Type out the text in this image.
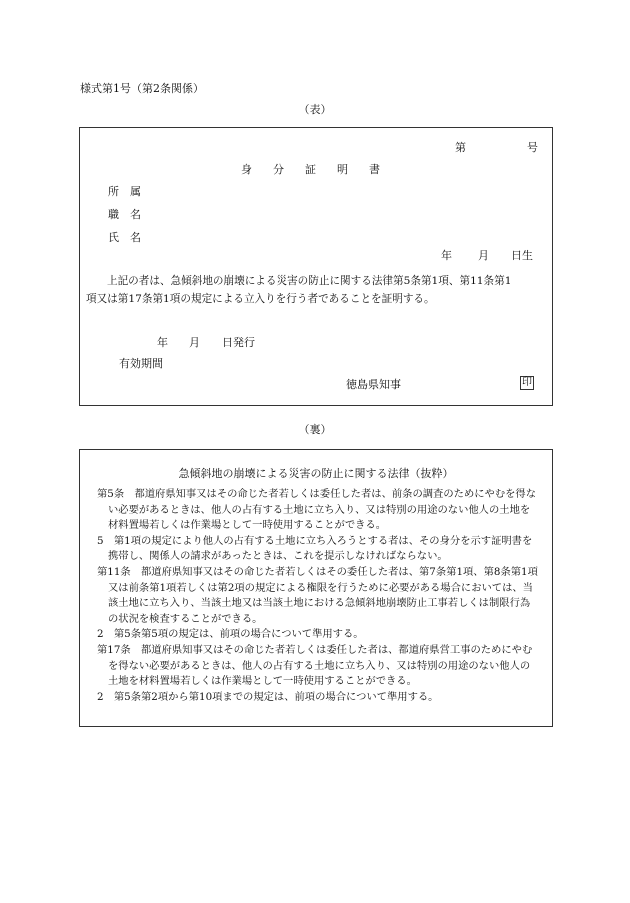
様式第1号（第2条関係）
（表）
第	号
身 分 証 明 書
所　属
職　名
氏　名
年 月 日生
上記の者は、急傾斜地の崩壊による災害の防止に関する法律第5条第1項、第11条第1
項又は第17条第1項の規定による立入りを行う者であることを証明する。
年 月 日発行
有効期間
徳島県知事	印
（裏）
急傾斜地の崩壊による災害の防止に関する法律（抜粋）

第5条　都道府県知事又はその命じた者若しくは委任した者は、前条の調査のためにやむを得ない必要があるときは、他人の占有する土地に立ち入り、又は特別の用途のない他人の土地を材料置場若しくは作業場として一時使用することができる。

5　第1項の規定により他人の占有する土地に立ち入ろうとする者は、その身分を示す証明書を携帯し、関係人の請求があったときは、これを提示しなければならない。

第11条　都道府県知事又はその命じた者若しくはその委任した者は、第7条第1項、第8条第1項又は前条第1項若しくは第2項の規定による権限を行うために必要がある場合においては、当該土地に立ち入り、当該土地又は当該土地における急傾斜地崩壊防止工事若しくは制限行為の状況を検査することができる。

2　第5条第5項の規定は、前項の場合について準用する。

第17条　都道府県知事又はその命じた者若しくは委任した者は、都道府県営工事のためにやむを得ない必要があるときは、他人の占有する土地に立ち入り、又は特別の用途のない他人の土地を材料置場若しくは作業場として一時使用することができる。

2　第5条第2項から第10項までの規定は、前項の場合について準用する。
